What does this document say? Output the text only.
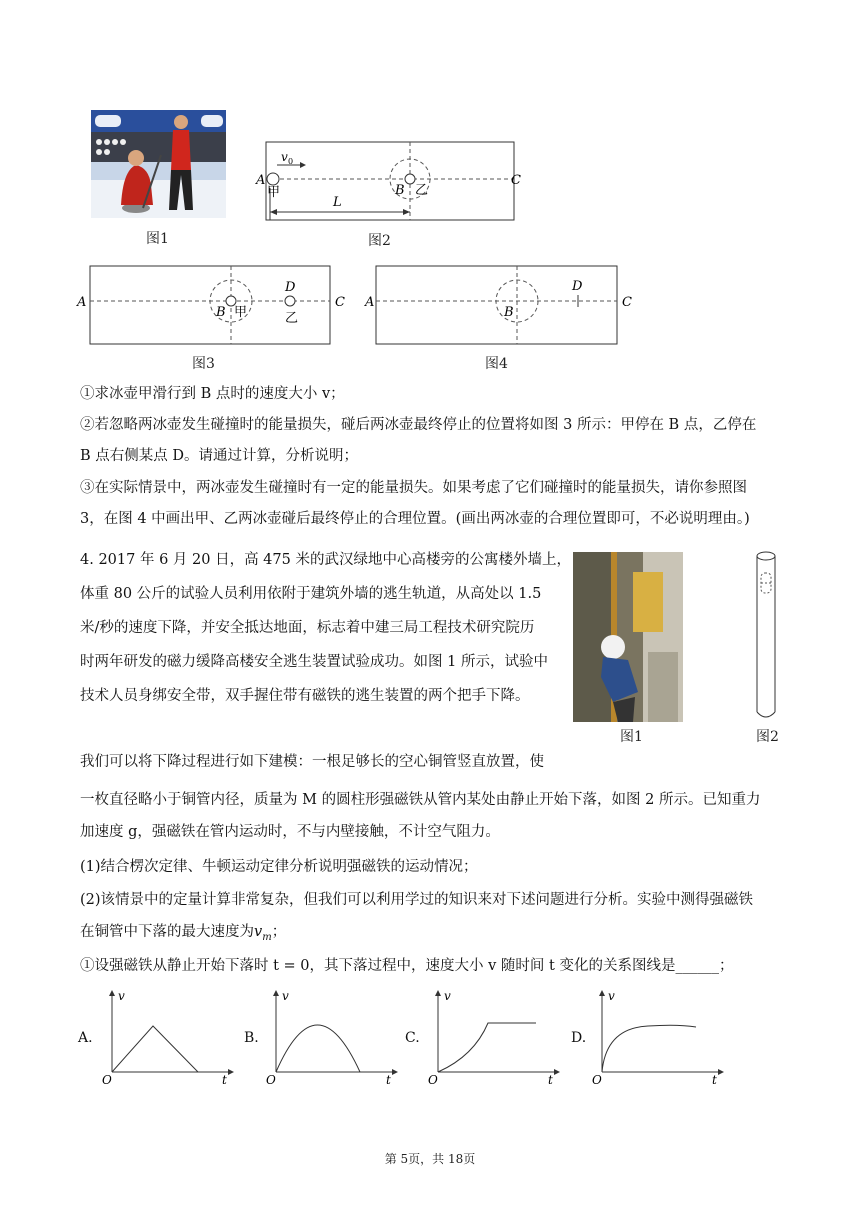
图1
A
甲
v 0
B 乙
C
L
图2
A
B 甲
D
乙
C
图3
A
B
D
C
图4
①求冰壶甲滑行到 B 点时的速度大小 v；
②若忽略两冰壶发生碰撞时的能量损失，碰后两冰壶最终停止的位置将如图 3 所示：甲停在 B 点，乙停在
B 点右侧某点 D。请通过计算，分析说明；
③在实际情景中，两冰壶发生碰撞时有一定的能量损失。如果考虑了它们碰撞时的能量损失，请你参照图
3，在图 4 中画出甲、乙两冰壶碰后最终停止的合理位置。(画出两冰壶的合理位置即可，不必说明理由。)
4. 2017 年 6 月 20 日，高 475 米的武汉绿地中心高楼旁的公寓楼外墙上，
体重 80 公斤的试验人员利用依附于建筑外墙的逃生轨道，从高处以 1.5
米/秒的速度下降，并安全抵达地面，标志着中建三局工程技术研究院历
时两年研发的磁力缓降高楼安全逃生装置试验成功。如图 1 所示，试验中
技术人员身绑安全带，双手握住带有磁铁的逃生装置的两个把手下降。
图1	图2
我们可以将下降过程进行如下建模：一根足够长的空心铜管竖直放置，使
一枚直径略小于铜管内径，质量为 M 的圆柱形强磁铁从管内某处由静止开始下落，如图 2 所示。已知重力
加速度 g，强磁铁在管内运动时，不与内壁接触，不计空气阻力。
(1)结合楞次定律、牛顿运动定律分析说明强磁铁的运动情况；
(2)该情景中的定量计算非常复杂，但我们可以利用学过的知识来对下述问题进行分析。实验中测得强磁铁
在铜管中下落的最大速度为$v_m$；
①设强磁铁从静止开始下落时 t = 0，其下落过程中，速度大小 v 随时间 t 变化的关系图线是______；
A.
v
t
O
B.
v
t
O
C.
v
t
O
D.
v
t
O
第 5页，共 18页
